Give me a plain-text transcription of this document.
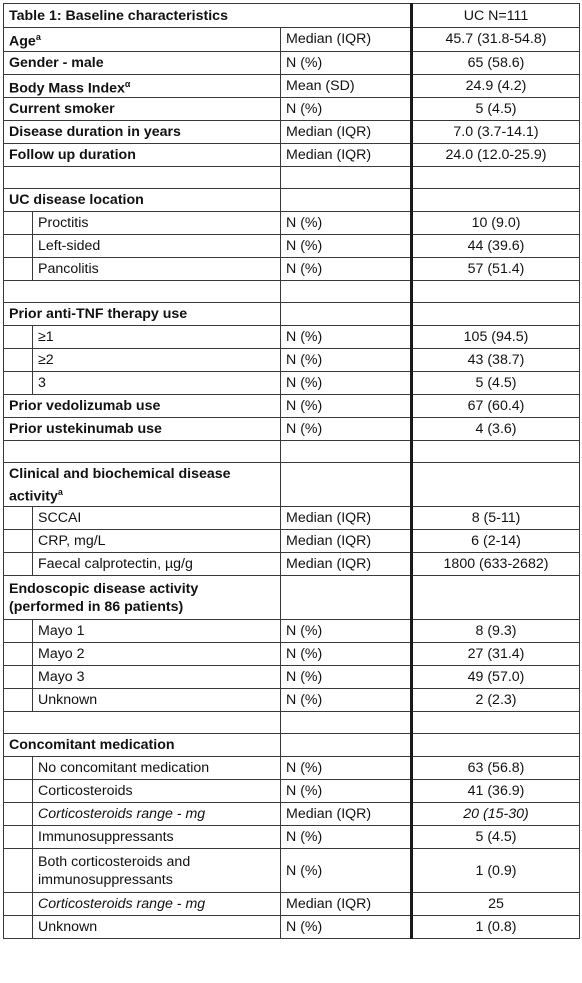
Table 1: Baseline characteristics			UC N=111
Age$^a$		Median (IQR)	45.7 (31.8-54.8)
Gender - male		N (%)	65 (58.6)
Body Mass Index$^\alpha$		Mean (SD)	24.9 (4.2)
Current smoker		N (%)	5 (4.5)
Disease duration in years		Median (IQR)	7.0 (3.7-14.1)
Follow up duration		Median (IQR)	24.0 (12.0-25.9)

UC disease location			
	Proctitis	N (%)	10 (9.0)
	Left-sided	N (%)	44 (39.6)
	Pancolitis	N (%)	57 (51.4)

Prior anti-TNF therapy use			
	≥1	N (%)	105 (94.5)
	≥2	N (%)	43 (38.7)
	3	N (%)	5 (4.5)
Prior vedolizumab use		N (%)	67 (60.4)
Prior ustekinumab use		N (%)	4 (3.6)

Clinical and biochemical disease
activity$^a$		
	SCCAI	Median (IQR)	8 (5-11)
	CRP, mg/L	Median (IQR)	6 (2-14)
	Faecal calprotectin, µg/g	Median (IQR)	1800 (633-2682)
Endoscopic disease activity
(performed in 86 patients)			
	Mayo 1	N (%)	8 (9.3)
	Mayo 2	N (%)	27 (31.4)
	Mayo 3	N (%)	49 (57.0)
	Unknown	N (%)	2 (2.3)

Concomitant medication			
	No concomitant medication	N (%)	63 (56.8)
	Corticosteroids	N (%)	41 (36.9)
	Corticosteroids range - mg	Median (IQR)	20 (15-30)
	Immunosuppressants	N (%)	5 (4.5)
	Both corticosteroids and
immunosuppressants	N (%)	1 (0.9)
	Corticosteroids range - mg	Median (IQR)	25
	Unknown	N (%)	1 (0.8)
